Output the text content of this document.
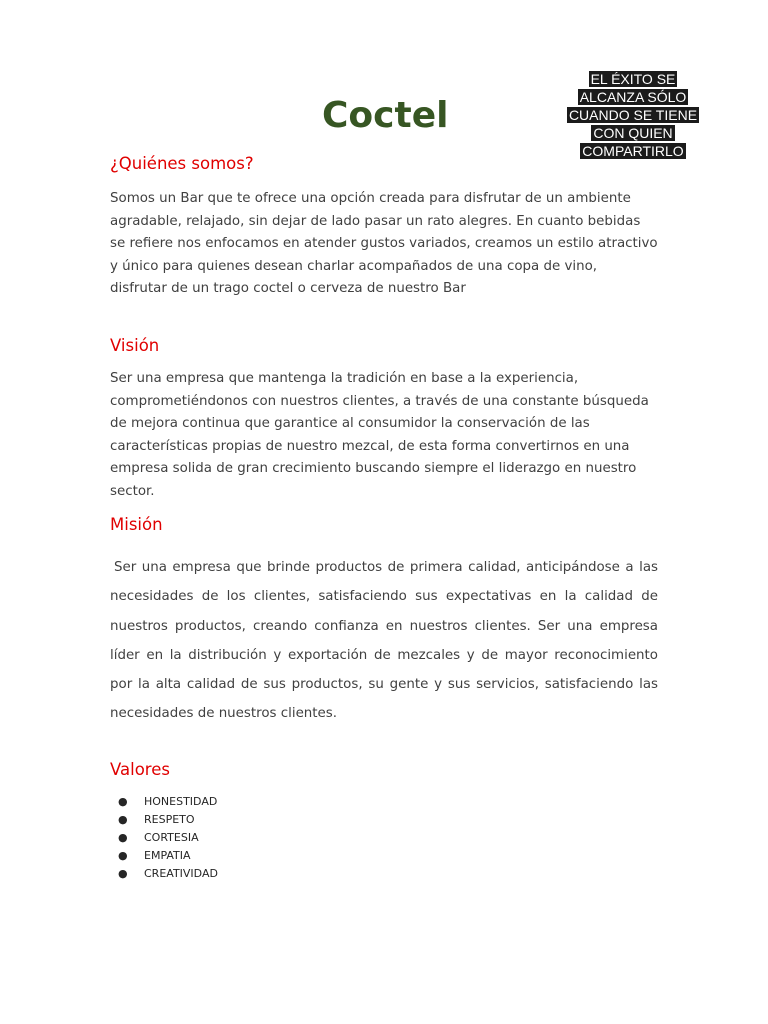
Coctel
EL ÉXITO SE
ALCANZA SÓLO
CUANDO SE TIENE
CON QUIEN
COMPARTIRLO
¿Quiénes somos?

Somos un Bar que te ofrece una opción creada para disfrutar de un ambiente agradable, relajado, sin dejar de lado pasar un rato alegres. En cuanto bebidas se refiere nos enfocamos en atender gustos variados, creamos un estilo atractivo y único para quienes desean charlar acompañados de una copa de vino, disfrutar de un trago coctel o cerveza de nuestro Bar

Visión

Ser una empresa que mantenga la tradición en base a la experiencia, comprometiéndonos con nuestros clientes, a través de una constante búsqueda de mejora continua que garantice al consumidor la conservación de las características propias de nuestro mezcal, de esta forma convertirnos en una empresa solida de gran crecimiento buscando siempre el liderazgo en nuestro sector.

Misión

Ser una empresa que brinde productos de primera calidad, anticipándose a las necesidades de los clientes, satisfaciendo sus expectativas en la calidad de nuestros productos, creando confianza en nuestros clientes. Ser una empresa líder en la distribución y exportación de mezcales y de mayor reconocimiento por la alta calidad de sus productos, su gente y sus servicios, satisfaciendo las necesidades de nuestros clientes.

Valores
● HONESTIDAD
● RESPETO
● CORTESIA
● EMPATIA
● CREATIVIDAD
